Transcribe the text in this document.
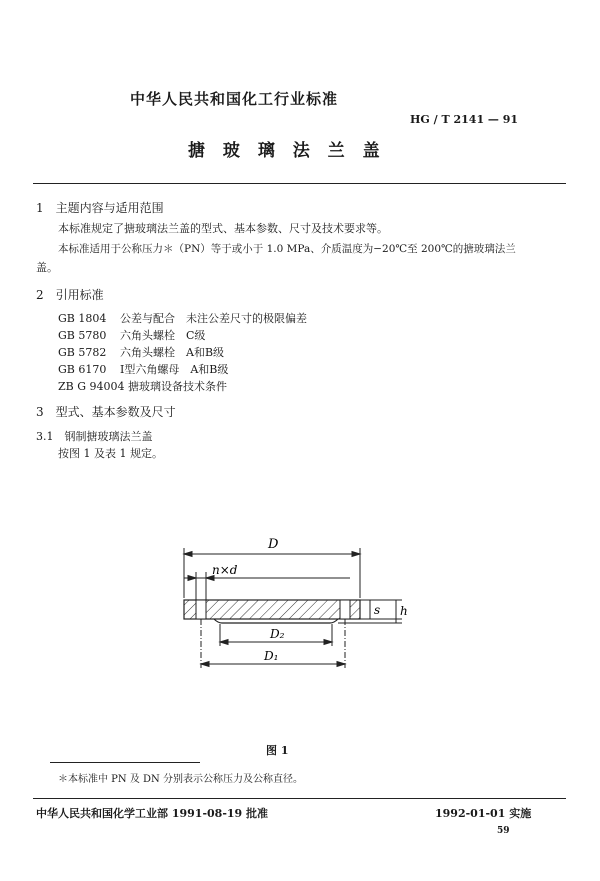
中华人民共和国化工行业标准
HG / T 2141 — 91
搪 玻 璃 法 兰 盖
1　主题内容与适用范围
本标准规定了搪玻璃法兰盖的型式、基本参数、尺寸及技术要求等。
本标准适用于公称压力＊（PN）等于或小于 1.0 MPa、介质温度为−20℃至 200℃的搪玻璃法兰
盖。
2　引用标准
GB 1804 公差与配合　未注公差尺寸的极限偏差
GB 5780 六角头螺栓　C级
GB 5782 六角头螺栓　A和B级
GB 6170 Ⅰ型六角螺母　A和B级
ZB G 94004 搪玻璃设备技术条件
3　型式、基本参数及尺寸
3.1　钢制搪玻璃法兰盖
按图 1 及表 1 规定。
D
n×d
D₂
D₁
s h
图 1
＊本标准中 PN 及 DN 分别表示公称压力及公称直径。
中华人民共和国化学工业部 1991-08-19 批准	1992-01-01 实施
59
